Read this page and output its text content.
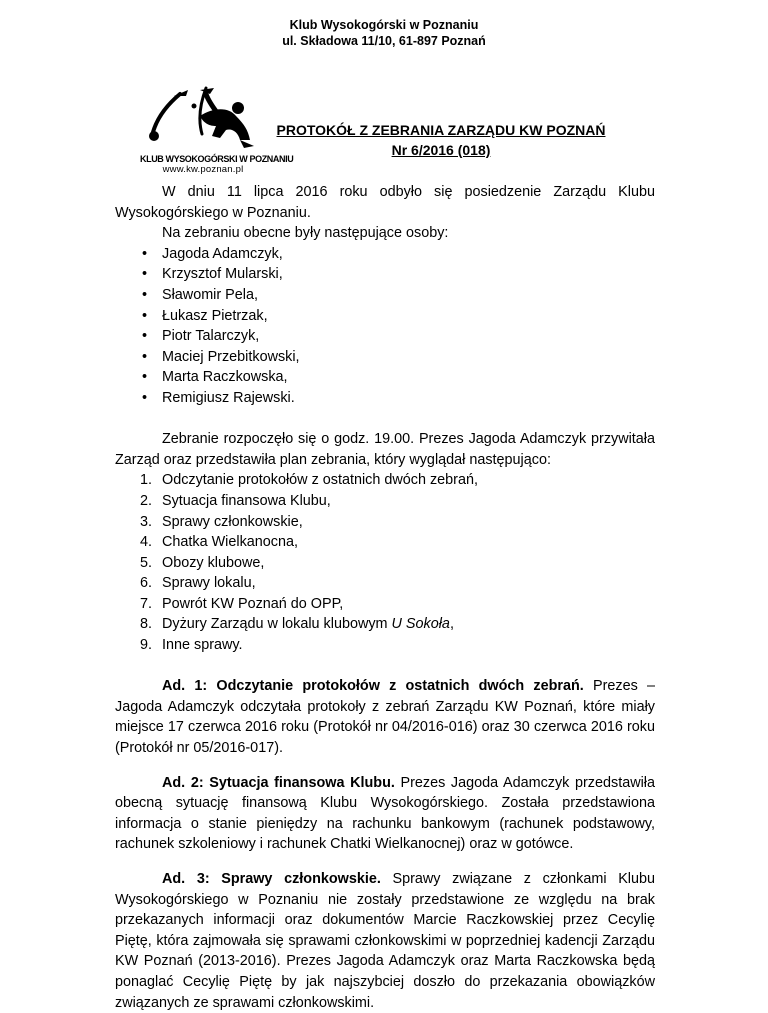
Klub Wysokogórski w Poznaniu
ul. Składowa 11/10, 61-897 Poznań
KLUB WYSOKOGÓRSKI W POZNANIU
www.kw.poznan.pl
PROTOKÓŁ Z ZEBRANIA ZARZĄDU KW POZNAŃ
Nr 6/2016 (018)

W dniu 11 lipca 2016 roku odbyło się posiedzenie Zarządu Klubu Wysokogórskiego w Poznaniu.

Na zebraniu obecne były następujące osoby:

• Jagoda Adamczyk,
• Krzysztof Mularski,
• Sławomir Pela,
• Łukasz Pietrzak,
• Piotr Talarczyk,
• Maciej Przebitkowski,
• Marta Raczkowska,
• Remigiusz Rajewski.

Zebranie rozpoczęło się o godz. 19.00. Prezes Jagoda Adamczyk przywitała Zarząd oraz przedstawiła plan zebrania, który wyglądał następująco:

1. Odczytanie protokołów z ostatnich dwóch zebrań,
2. Sytuacja finansowa Klubu,
3. Sprawy członkowskie,
4. Chatka Wielkanocna,
5. Obozy klubowe,
6. Sprawy lokalu,
7. Powrót KW Poznań do OPP,
8. Dyżury Zarządu w lokalu klubowym U Sokoła,
9. Inne sprawy.

Ad. 1: Odczytanie protokołów z ostatnich dwóch zebrań. Prezes – Jagoda Adamczyk odczytała protokoły z zebrań Zarządu KW Poznań, które miały miejsce 17 czerwca 2016 roku (Protokół nr 04/2016-016) oraz 30 czerwca 2016 roku (Protokół nr 05/2016-017).

Ad. 2: Sytuacja finansowa Klubu. Prezes Jagoda Adamczyk przedstawiła obecną sytuację finansową Klubu Wysokogórskiego. Została przedstawiona informacja o stanie pieniędzy na rachunku bankowym (rachunek podstawowy, rachunek szkoleniowy i rachunek Chatki Wielkanocnej) oraz w gotówce.

Ad. 3: Sprawy członkowskie. Sprawy związane z członkami Klubu Wysokogórskiego w Poznaniu nie zostały przedstawione ze względu na brak przekazanych informacji oraz dokumentów Marcie Raczkowskiej przez Cecylię Piętę, która zajmowała się sprawami członkowskimi w poprzedniej kadencji Zarządu KW Poznań (2013-2016). Prezes Jagoda Adamczyk oraz Marta Raczkowska będą ponaglać Cecylię Piętę by jak najszybciej doszło do przekazania obowiązków związanych ze sprawami członkowskimi.
